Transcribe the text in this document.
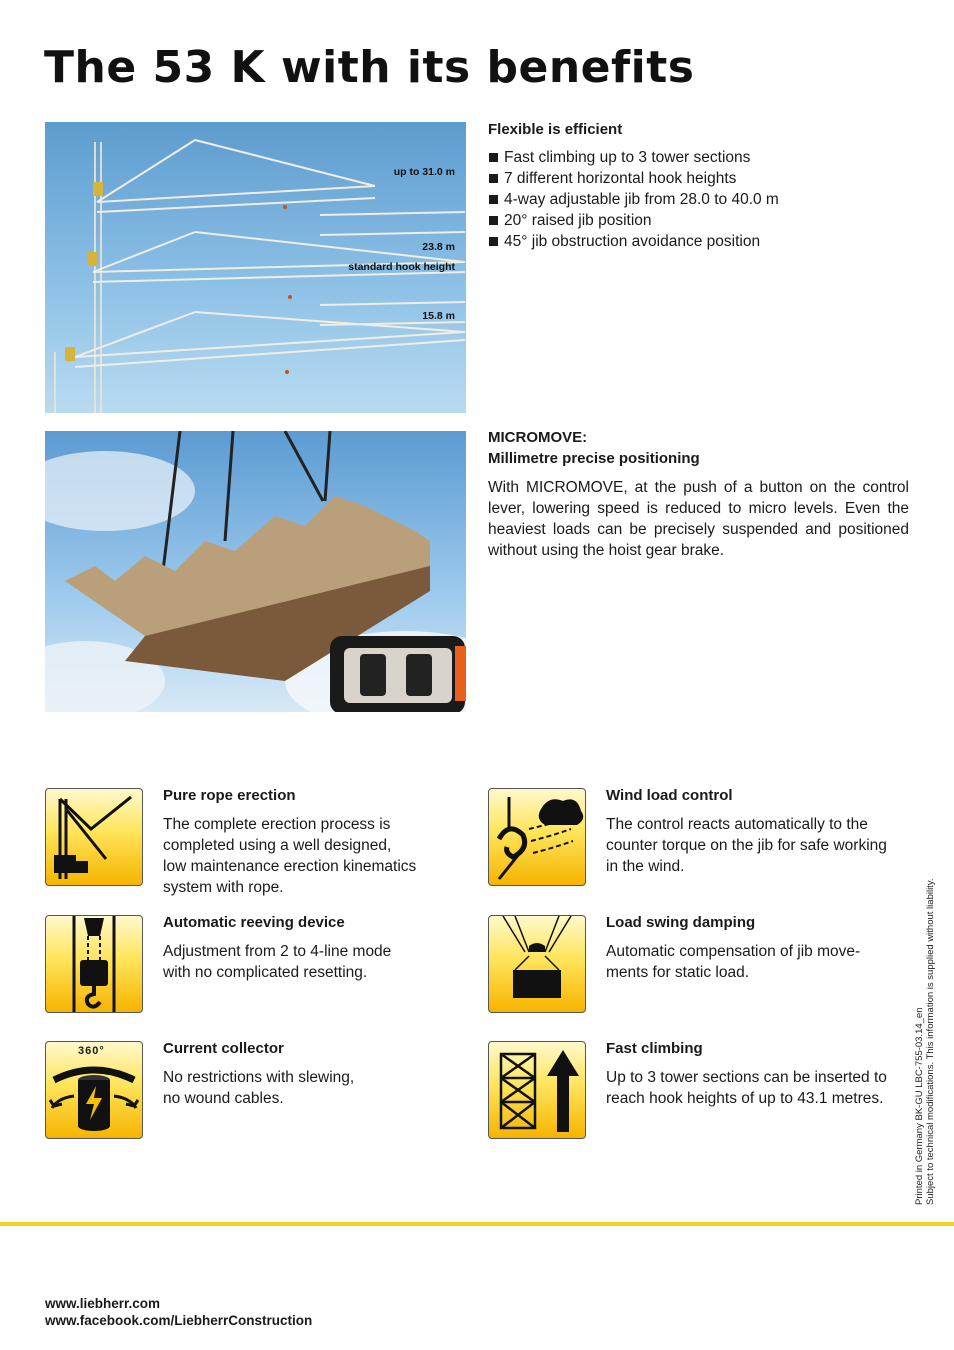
The 53 K with its benefits
up to 31.0 m
23.8 m
standard hook height
15.8 m
Flexible is efficient
Fast climbing up to 3 tower sections
7 different horizontal hook heights
4-way adjustable jib from 28.0 to 40.0 m
20° raised jib position
45° jib obstruction avoidance position
MICROMOVE:
Millimetre precise positioning

With MICROMOVE, at the push of a button on the control lever, lowering speed is reduced to micro levels. Even the heaviest loads can be precisely suspended and positioned without using the hoist gear brake.

Pure rope erection
The complete erection process is
completed using a well designed,
low maintenance erection kinematics
system with rope.
Wind load control
The control reacts automatically to the
counter torque on the jib for safe working
in the wind.
Automatic reeving device
Adjustment from 2 to 4-line mode
with no complicated resetting.
Load swing damping
Automatic compensation of jib move-
ments for static load.
360°	Current collector
No restrictions with slewing,
no wound cables.
Fast climbing
Up to 3 tower sections can be inserted to
reach hook heights of up to 43.1 metres.	Printed in Germany BK-GU LBC-755-03.14_en Subject to technical modifications. This information is supplied without liability.
www.liebherr.com
www.facebook.com/LiebherrConstruction
